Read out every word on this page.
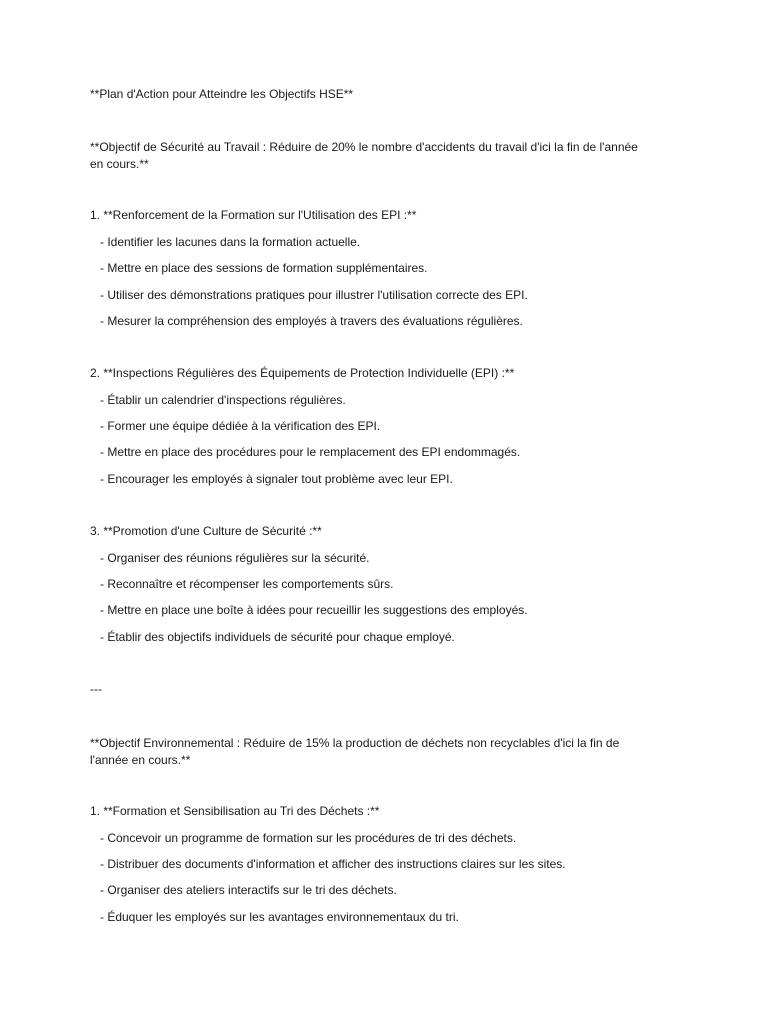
**Plan d'Action pour Atteindre les Objectifs HSE**
**Objectif de Sécurité au Travail : Réduire de 20% le nombre d'accidents du travail d'ici la fin de l'année en cours.**
1. **Renforcement de la Formation sur l'Utilisation des EPI :**
- Identifier les lacunes dans la formation actuelle.
- Mettre en place des sessions de formation supplémentaires.
- Utiliser des démonstrations pratiques pour illustrer l'utilisation correcte des EPI.
- Mesurer la compréhension des employés à travers des évaluations régulières.
2. **Inspections Régulières des Équipements de Protection Individuelle (EPI) :**
- Établir un calendrier d'inspections régulières.
- Former une équipe dédiée à la vérification des EPI.
- Mettre en place des procédures pour le remplacement des EPI endommagés.
- Encourager les employés à signaler tout problème avec leur EPI.
3. **Promotion d'une Culture de Sécurité :**
- Organiser des réunions régulières sur la sécurité.
- Reconnaître et récompenser les comportements sûrs.
- Mettre en place une boîte à idées pour recueillir les suggestions des employés.
- Établir des objectifs individuels de sécurité pour chaque employé.
---
**Objectif Environnemental : Réduire de 15% la production de déchets non recyclables d'ici la fin de l'année en cours.**
1. **Formation et Sensibilisation au Tri des Déchets :**
- Concevoir un programme de formation sur les procédures de tri des déchets.
- Distribuer des documents d'information et afficher des instructions claires sur les sites.
- Organiser des ateliers interactifs sur le tri des déchets.
- Éduquer les employés sur les avantages environnementaux du tri.
